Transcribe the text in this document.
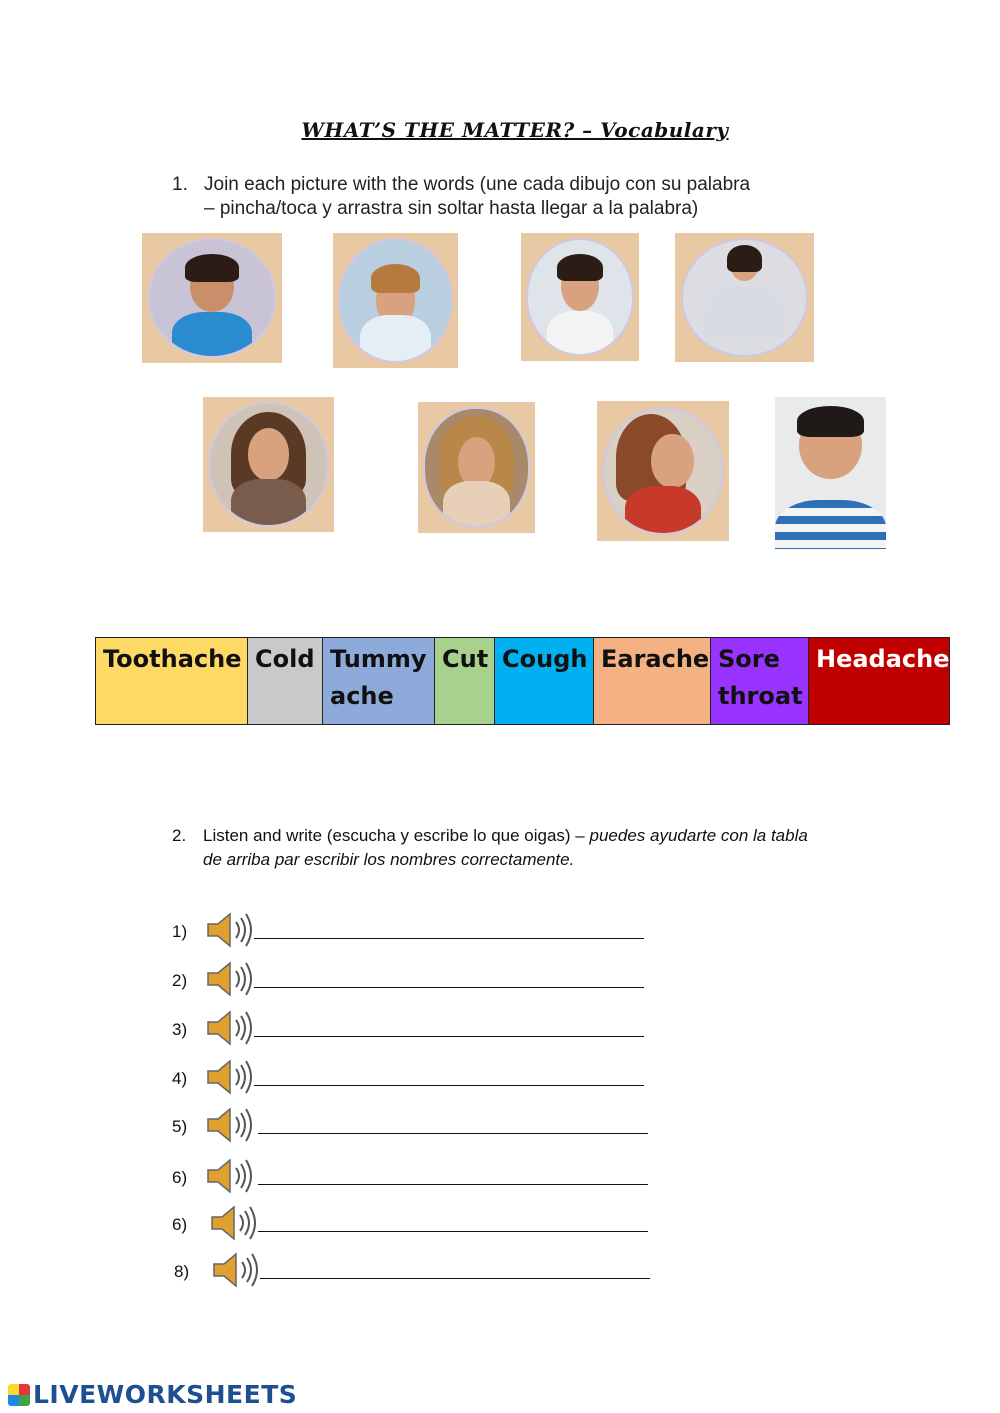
WHAT’S THE MATTER? – Vocabulary
1. Join each picture with the words (une cada dibujo con su palabra
– pincha/toca y arrastra sin soltar hasta llegar a la palabra)
Toothache	Cold	Tummy ache	Cut	Cough	Earache	Sore throat	Headache
2. Listen and write (escucha y escribe lo que oigas) – puedes ayudarte con la tabla
de arriba par escribir los nombres correctamente.
1)
2)
3)
4)
5)
6)
6)
8)
LIVEWORKSHEETS
